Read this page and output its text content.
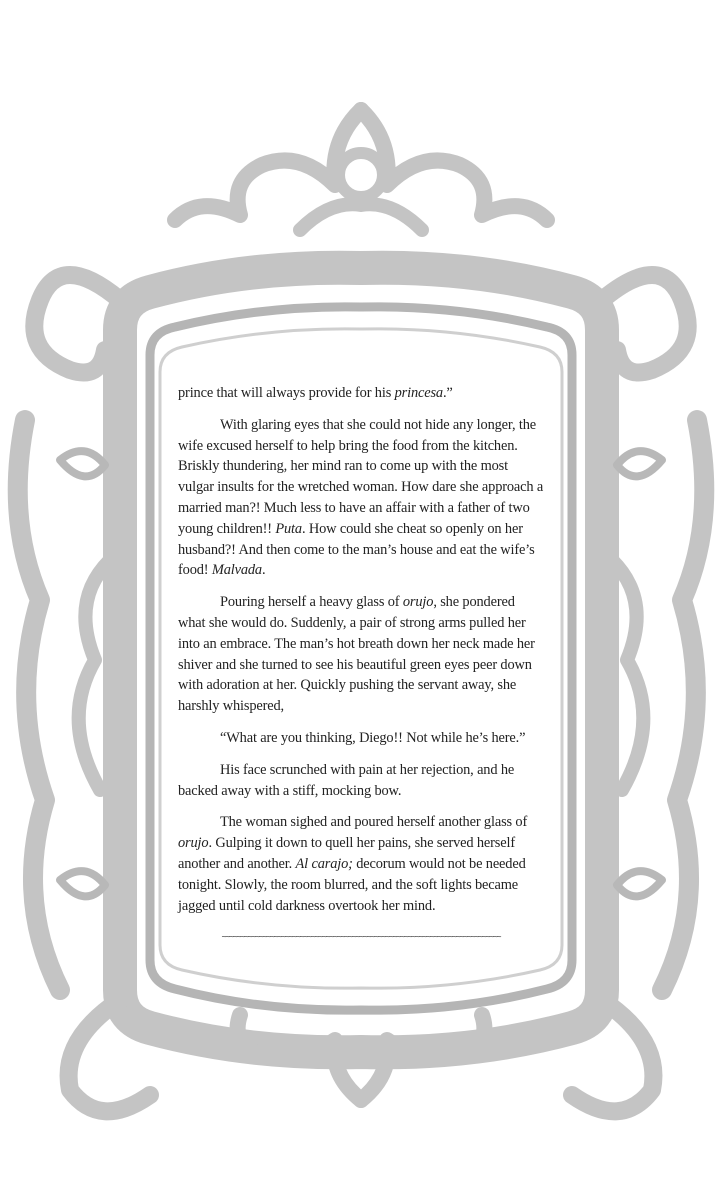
prince that will always provide for his princesa.”

With glaring eyes that she could not hide any longer, the wife excused herself to help bring the food from the kitchen. Briskly thundering, her mind ran to come up with the most vulgar insults for the wretched woman. How dare she approach a married man?! Much less to have an affair with a father of two young children!! Puta. How could she cheat so openly on her husband?! And then come to the man’s house and eat the wife’s food! Malvada.

Pouring herself a heavy glass of orujo, she pondered what she would do. Suddenly, a pair of strong arms pulled her into an embrace. The man’s hot breath down her neck made her shiver and she turned to see his beautiful green eyes peer down with adoration at her. Quickly pushing the servant away, she harshly whispered,

“What are you thinking, Diego!! Not while he’s here.”

His face scrunched with pain at her rejection, and he backed away with a stiff, mocking bow.

The woman sighed and poured herself another glass of orujo. Gulping it down to quell her pains, she served herself another and another. Al carajo; decorum would not be needed tonight. Slowly, the room blurred, and the soft lights became jagged until cold darkness overtook her mind.

~~~~~~~~~~~~~~~~~~~~~~~~~~~~~~~~~~~~~~~~~~~~~~~~~~~~~~~~~~~~~~~~~~~~~~~~~~~
